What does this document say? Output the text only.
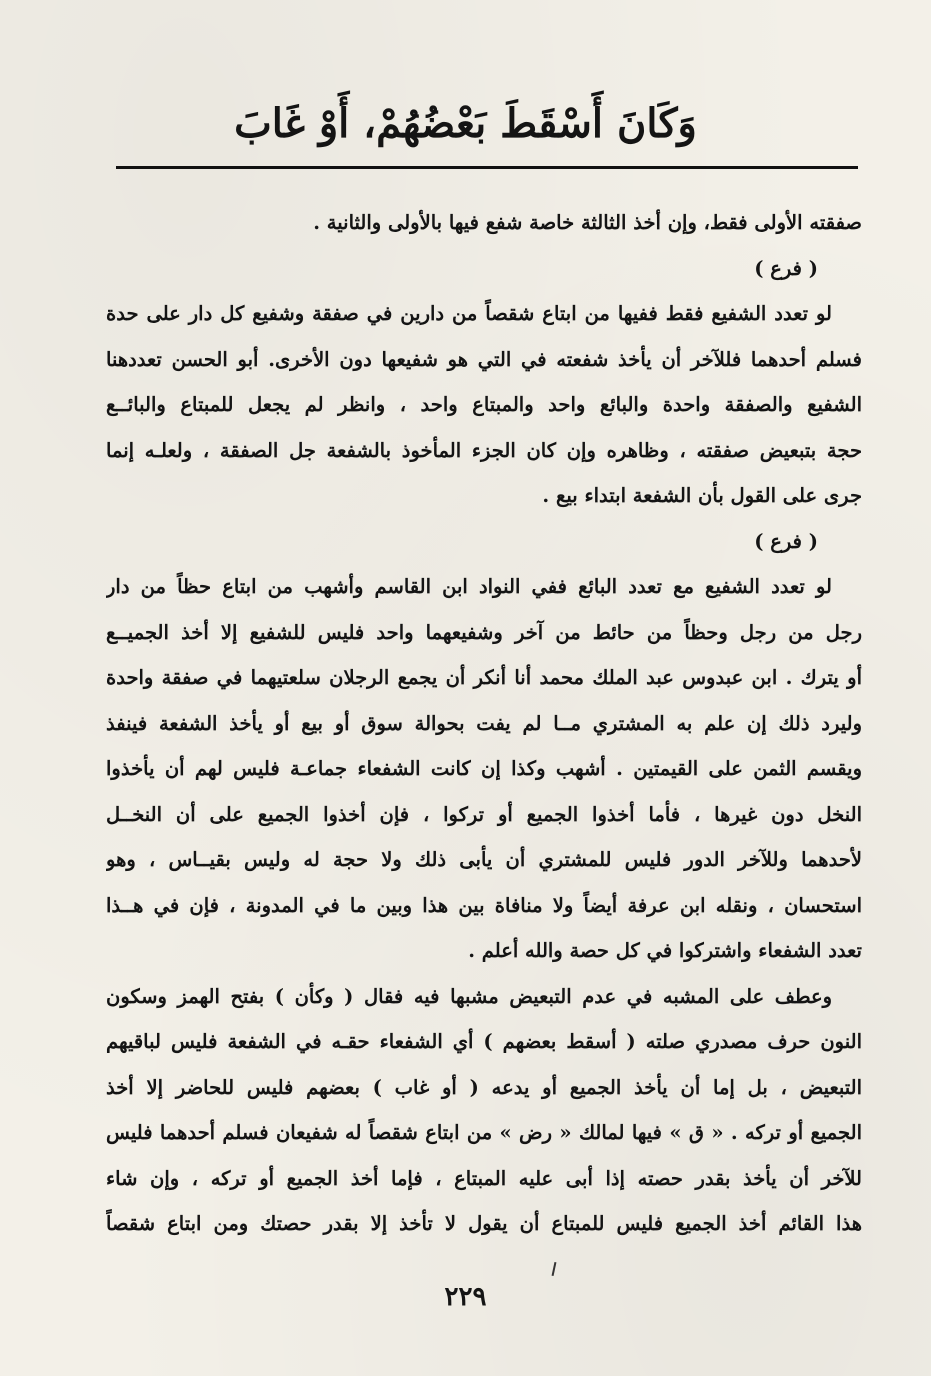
وَكَانَ أَسْقَطَ بَعْضُهُمْ، أَوْ غَابَ
صفقته الأولى فقط، وإن أخذ الثالثة خاصة شفع فيها بالأولى والثانية .
( فرع )
لو تعدد الشفيع فقط ففيها من ابتاع شقصاً من دارين في صفقة وشفيع كل دار على حدة
فسلم أحدهما فللآخر أن يأخذ شفعته في التي هو شفيعها دون الأخرى. أبو الحسن تعددهنا
الشفيع والصفقة واحدة والبائع واحد والمبتاع واحد ، وانظر لم يجعل للمبتاع والبائــع
حجة بتبعيض صفقته ، وظاهره وإن كان الجزء المأخوذ بالشفعة جل الصفقة ، ولعلـه إنما
جرى على القول بأن الشفعة ابتداء بيع .
( فرع )
لو تعدد الشفيع مع تعدد البائع ففي النواد ابن القاسم وأشهب من ابتاع حظاً من دار
رجل من رجل وحظاً من حائط من آخر وشفيعهما واحد فليس للشفيع إلا أخذ الجميــع
أو يترك . ابن عبدوس عبد الملك محمد أنا أنكر أن يجمع الرجلان سلعتيهما في صفقة واحدة
وليرد ذلك إن علم به المشتري مــا لم يفت بحوالة سوق أو بيع أو يأخذ الشفعة فينفذ
ويقسم الثمن على القيمتين . أشهب وكذا إن كانت الشفعاء جماعـة فليس لهم أن يأخذوا
النخل دون غيرها ، فأما أخذوا الجميع أو تركوا ، فإن أخذوا الجميع على أن النخــل
لأحدهما وللآخر الدور فليس للمشتري أن يأبى ذلك ولا حجة له وليس بقيــاس ، وهو
استحسان ، ونقله ابن عرفة أيضاً ولا منافاة بين هذا وبين ما في المدونة ، فإن في هــذا
تعدد الشفعاء واشتركوا في كل حصة والله أعلم .
وعطف على المشبه في عدم التبعيض مشبها فيه فقال ( وكأن ) بفتح الهمز وسكون
النون حرف مصدري صلته ( أسقط بعضهم ) أي الشفعاء حقـه في الشفعة فليس لباقيهم
التبعيض ، بل إما أن يأخذ الجميع أو يدعه ( أو غاب ) بعضهم فليس للحاضر إلا أخذ
الجميع أو تركه . « ق » فيها لمالك « رض » من ابتاع شقصاً له شفيعان فسلم أحدهما فليس
للآخر أن يأخذ بقدر حصته إذا أبى عليه المبتاع ، فإما أخذ الجميع أو تركه ، وإن شاء
هذا القائم أخذ الجميع فليس للمبتاع أن يقول لا تأخذ إلا بقدر حصتك ومن ابتاع شقصاً
٢٢٩
